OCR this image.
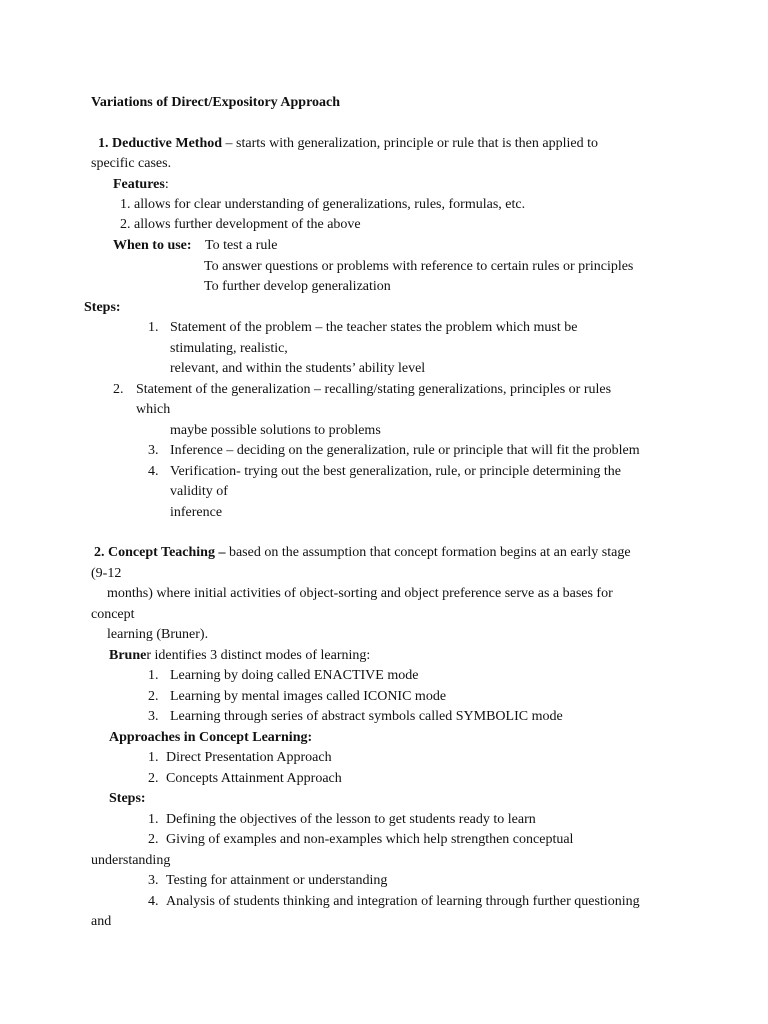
Variations of Direct/Expository Approach
1. Deductive Method – starts with generalization, principle or rule that is then applied to
specific cases.
Features:
1. allows for clear understanding of generalizations, rules, formulas, etc.
2. allows further development of the above
When to use: To test a rule
To answer questions or problems with reference to certain rules or principles
To further develop generalization
Steps:
1. Statement of the problem – the teacher states the problem which must be
stimulating, realistic,
relevant, and within the students’ ability level
2. Statement of the generalization – recalling/stating generalizations, principles or rules
which
maybe possible solutions to problems
3. Inference – deciding on the generalization, rule or principle that will fit the problem
4. Verification- trying out the best generalization, rule, or principle determining the
validity of
inference
2. Concept Teaching – based on the assumption that concept formation begins at an early stage
(9-12
months) where initial activities of object-sorting and object preference serve as a bases for
concept
learning (Bruner).
Bruner identifies 3 distinct modes of learning:
1. Learning by doing called ENACTIVE mode
2. Learning by mental images called ICONIC mode
3. Learning through series of abstract symbols called SYMBOLIC mode
Approaches in Concept Learning:
1. Direct Presentation Approach
2. Concepts Attainment Approach
Steps:
1. Defining the objectives of the lesson to get students ready to learn
2. Giving of examples and non-examples which help strengthen conceptual
understanding
3. Testing for attainment or understanding
4. Analysis of students thinking and integration of learning through further questioning
and
